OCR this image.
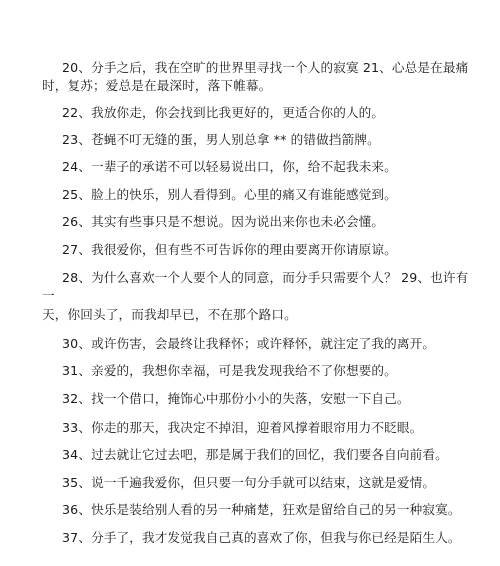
20、分手之后，我在空旷的世界里寻找一个人的寂寞 21、心总是在最痛
时，复苏；爱总是在最深时，落下帷幕。
22、我放你走，你会找到比我更好的，更适合你的人的。
23、苍蝇不叮无缝的蛋，男人别总拿 ** 的错做挡箭牌。
24、一辈子的承诺不可以轻易说出口，你，给不起我未来。
25、脸上的快乐，别人看得到。心里的痛又有谁能感觉到。
26、其实有些事只是不想说。因为说出来你也未必会懂。
27、我很爱你，但有些不可告诉你的理由要离开你请原谅。
28、为什么喜欢一个人要个人的同意，而分手只需要个人？ 29、也许有
一
天，你回头了，而我却早已，不在那个路口。
30、或许伤害，会最终让我释怀；或许释怀，就注定了我的离开。
31、亲爱的，我想你幸福，可是我发现我给不了你想要的。
32、找一个借口，掩饰心中那份小小的失落，安慰一下自己。
33、你走的那天，我决定不掉泪，迎着风撑着眼帘用力不眨眼。
34、过去就让它过去吧，那是属于我们的回忆，我们要各自向前看。
35、说一千遍我爱你，但只要一句分手就可以结束，这就是爱情。
36、快乐是装给别人看的另一种痛楚，狂欢是留给自己的另一种寂寞。
37、分手了，我才发觉我自己真的喜欢了你，但我与你已经是陌生人。
